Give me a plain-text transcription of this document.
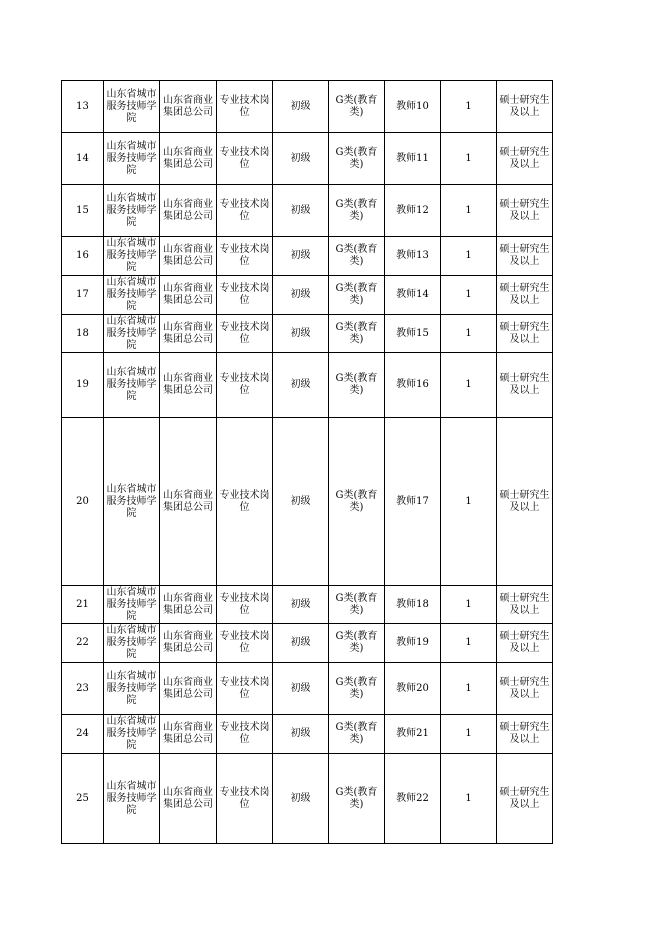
13	山东省城市服务技师学院	山东省商业集团总公司	专业技术岗位	初级	G类(教育类)	教师10	1	硕士研究生及以上
14	山东省城市服务技师学院	山东省商业集团总公司	专业技术岗位	初级	G类(教育类)	教师11	1	硕士研究生及以上
15	山东省城市服务技师学院	山东省商业集团总公司	专业技术岗位	初级	G类(教育类)	教师12	1	硕士研究生及以上
16	山东省城市服务技师学院	山东省商业集团总公司	专业技术岗位	初级	G类(教育类)	教师13	1	硕士研究生及以上
17	山东省城市服务技师学院	山东省商业集团总公司	专业技术岗位	初级	G类(教育类)	教师14	1	硕士研究生及以上
18	山东省城市服务技师学院	山东省商业集团总公司	专业技术岗位	初级	G类(教育类)	教师15	1	硕士研究生及以上
19	山东省城市服务技师学院	山东省商业集团总公司	专业技术岗位	初级	G类(教育类)	教师16	1	硕士研究生及以上
20	山东省城市服务技师学院	山东省商业集团总公司	专业技术岗位	初级	G类(教育类)	教师17	1	硕士研究生及以上
21	山东省城市服务技师学院	山东省商业集团总公司	专业技术岗位	初级	G类(教育类)	教师18	1	硕士研究生及以上
22	山东省城市服务技师学院	山东省商业集团总公司	专业技术岗位	初级	G类(教育类)	教师19	1	硕士研究生及以上
23	山东省城市服务技师学院	山东省商业集团总公司	专业技术岗位	初级	G类(教育类)	教师20	1	硕士研究生及以上
24	山东省城市服务技师学院	山东省商业集团总公司	专业技术岗位	初级	G类(教育类)	教师21	1	硕士研究生及以上
25	山东省城市服务技师学院	山东省商业集团总公司	专业技术岗位	初级	G类(教育类)	教师22	1	硕士研究生及以上
